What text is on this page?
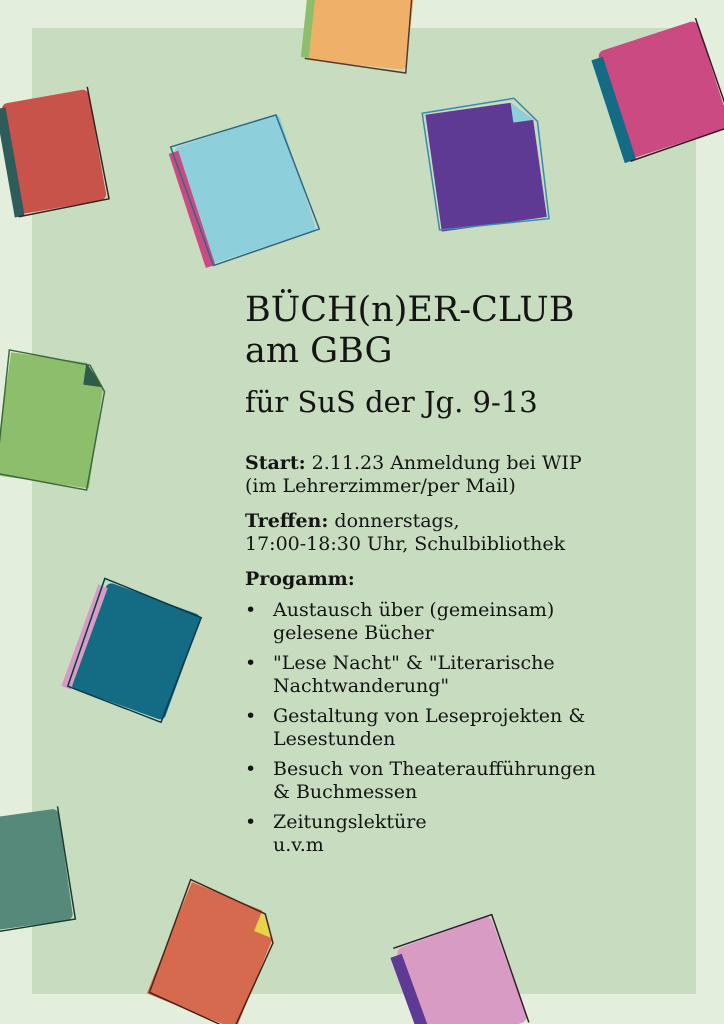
BÜCH(n)ER-CLUB
am GBG
für SuS der Jg. 9-13

Start: 2.11.23 Anmeldung bei WIP
(im Lehrerzimmer/per Mail)

Treffen: donnerstags,
17:00-18:30 Uhr, Schulbibliothek

Progamm:
• Austausch über (gemeinsam)
gelesene Bücher
• "Lese Nacht" & "Literarische
Nachtwanderung"
• Gestaltung von Leseprojekten &
Lesestunden
• Besuch von Theateraufführungen
& Buchmessen
• Zeitungslektüre
u.v.m
